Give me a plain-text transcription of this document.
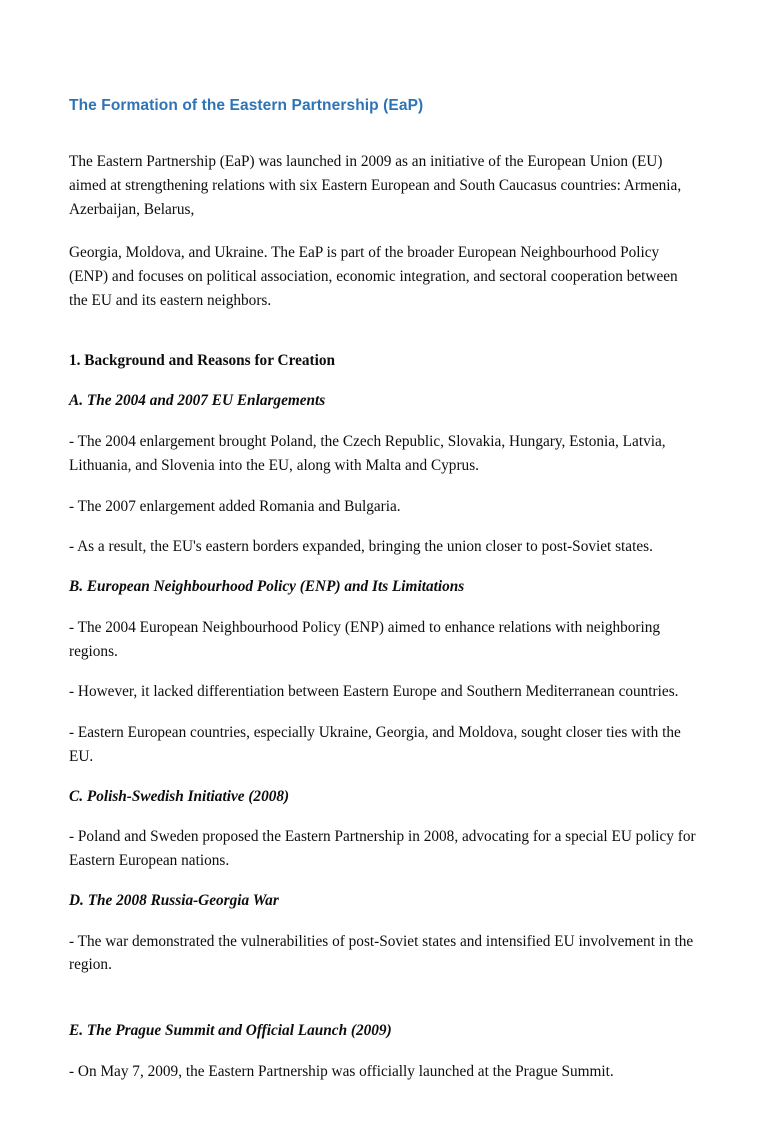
The Formation of the Eastern Partnership (EaP)

The Eastern Partnership (EaP) was launched in 2009 as an initiative of the European Union (EU) aimed at strengthening relations with six Eastern European and South Caucasus countries: Armenia, Azerbaijan, Belarus,

Georgia, Moldova, and Ukraine. The EaP is part of the broader European Neighbourhood Policy (ENP) and focuses on political association, economic integration, and sectoral cooperation between the EU and its eastern neighbors.

1. Background and Reasons for Creation
A. The 2004 and 2007 EU Enlargements

- The 2004 enlargement brought Poland, the Czech Republic, Slovakia, Hungary, Estonia, Latvia, Lithuania, and Slovenia into the EU, along with Malta and Cyprus.

- The 2007 enlargement added Romania and Bulgaria.

- As a result, the EU's eastern borders expanded, bringing the union closer to post-Soviet states.

B. European Neighbourhood Policy (ENP) and Its Limitations

- The 2004 European Neighbourhood Policy (ENP) aimed to enhance relations with neighboring regions.

- However, it lacked differentiation between Eastern Europe and Southern Mediterranean countries.

- Eastern European countries, especially Ukraine, Georgia, and Moldova, sought closer ties with the EU.

C. Polish-Swedish Initiative (2008)

- Poland and Sweden proposed the Eastern Partnership in 2008, advocating for a special EU policy for Eastern European nations.

D. The 2008 Russia-Georgia War

- The war demonstrated the vulnerabilities of post-Soviet states and intensified EU involvement in the region.

E. The Prague Summit and Official Launch (2009)

- On May 7, 2009, the Eastern Partnership was officially launched at the Prague Summit.
